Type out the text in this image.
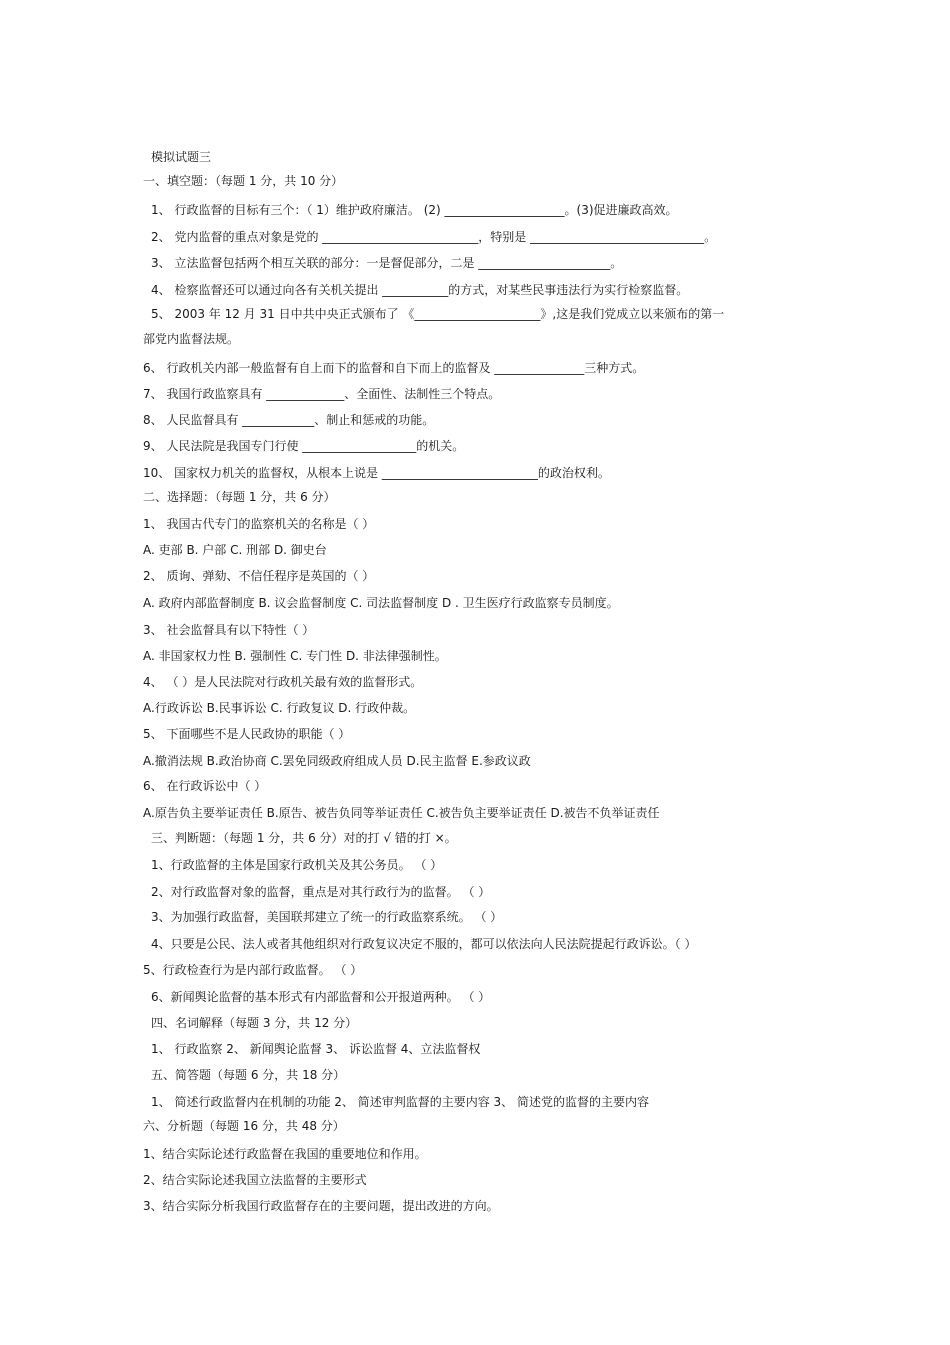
模拟试题三
一、填空题：（每题 1 分，共 10 分）
1、 行政监督的目标有三个：（ 1）维护政府廉洁。 (2) ____________________。(3)促进廉政高效。
2、 党内监督的重点对象是党的 __________________________，特别是 _____________________________。
3、 立法监督包括两个相互关联的部分：一是督促部分，二是 ______________________。
4、 检察监督还可以通过向各有关机关提出 ___________的方式，对某些民事违法行为实行检察监督。
5、 2003 年 12 月 31 日中共中央正式颁布了 《_____________________》,这是我们党成立以来颁布的第一
部党内监督法规。
6、 行政机关内部一般监督有自上而下的监督和自下而上的监督及 _______________三种方式。
7、 我国行政监察具有 _____________、全面性、法制性三个特点。
8、 人民监督具有 ____________、制止和惩戒的功能。
9、 人民法院是我国专门行使 ___________________的机关。
10、 国家权力机关的监督权，从根本上说是 __________________________的政治权利。
二、选择题：（每题 1 分，共 6 分）
1、 我国古代专门的监察机关的名称是（ ）
A. 吏部 B. 户部 C. 刑部 D. 御史台
2、 质询、弹劾、不信任程序是英国的（ ）
A. 政府内部监督制度 B. 议会监督制度 C. 司法监督制度 D . 卫生医疗行政监察专员制度。
3、 社会监督具有以下特性（ ）
A. 非国家权力性 B. 强制性 C. 专门性 D. 非法律强制性。
4、 （ ）是人民法院对行政机关最有效的监督形式。
A.行政诉讼 B.民事诉讼 C. 行政复议 D. 行政仲裁。
5、 下面哪些不是人民政协的职能（ ）
A.撤消法规 B.政治协商 C.罢免同级政府组成人员 D.民主监督 E.参政议政
6、 在行政诉讼中（ ）
A.原告负主要举证责任 B.原告、被告负同等举证责任 C.被告负主要举证责任 D.被告不负举证责任
三、判断题：（每题 1 分，共 6 分）对的打 √ 错的打 ×。
1、行政监督的主体是国家行政机关及其公务员。 （ ）
2、对行政监督对象的监督，重点是对其行政行为的监督。 （ ）
3、为加强行政监督，美国联邦建立了统一的行政监察系统。 （ ）
4、只要是公民、法人或者其他组织对行政复议决定不服的，都可以依法向人民法院提起行政诉讼。（ ）
5、行政检查行为是内部行政监督。 （ ）
6、新闻舆论监督的基本形式有内部监督和公开报道两种。 （ ）
四、名词解释（每题 3 分，共 12 分）
1、 行政监察 2、 新闻舆论监督 3、 诉讼监督 4、立法监督权
五、简答题（每题 6 分，共 18 分）
1、 简述行政监督内在机制的功能 2、 简述审判监督的主要内容 3、 简述党的监督的主要内容
六、分析题（每题 16 分，共 48 分）
1、结合实际论述行政监督在我国的重要地位和作用。
2、结合实际论述我国立法监督的主要形式
3、结合实际分析我国行政监督存在的主要问题，提出改进的方向。
